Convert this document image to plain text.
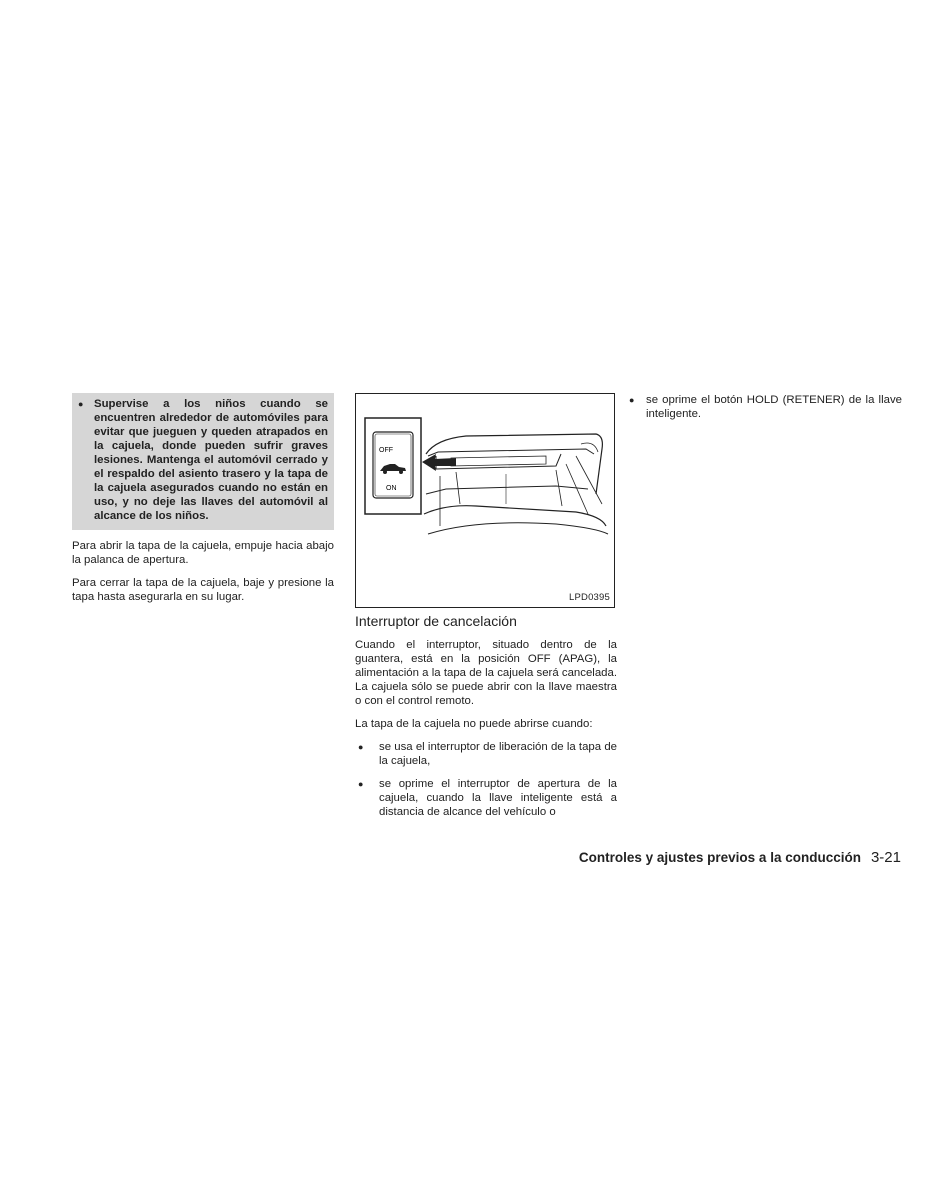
● Supervise a los niños cuando se encuentren alrededor de automóviles para evitar que jueguen y queden atrapados en la cajuela, donde pueden sufrir graves lesiones. Mantenga el automóvil cerrado y el respaldo del asiento trasero y la tapa de la cajuela asegurados cuando no están en uso, y no deje las llaves del automóvil al alcance de los niños.

Para abrir la tapa de la cajuela, empuje hacia abajo la palanca de apertura.

Para cerrar la tapa de la cajuela, baje y presione la tapa hasta asegurarla en su lugar.

OFF
ON
LPD0395
Interruptor de cancelación

Cuando el interruptor, situado dentro de la guantera, está en la posición OFF (APAG), la alimentación a la tapa de la cajuela será cancelada. La cajuela sólo se puede abrir con la llave maestra o con el control remoto.

La tapa de la cajuela no puede abrirse cuando:

●	se usa el interruptor de liberación de la tapa de la cajuela,
●	se oprime el interruptor de apertura de la cajuela, cuando la llave inteligente está a distancia de alcance del vehículo o
●	se oprime el botón HOLD (RETENER) de la llave inteligente.
Controles y ajustes previos a la conducción 3-21
